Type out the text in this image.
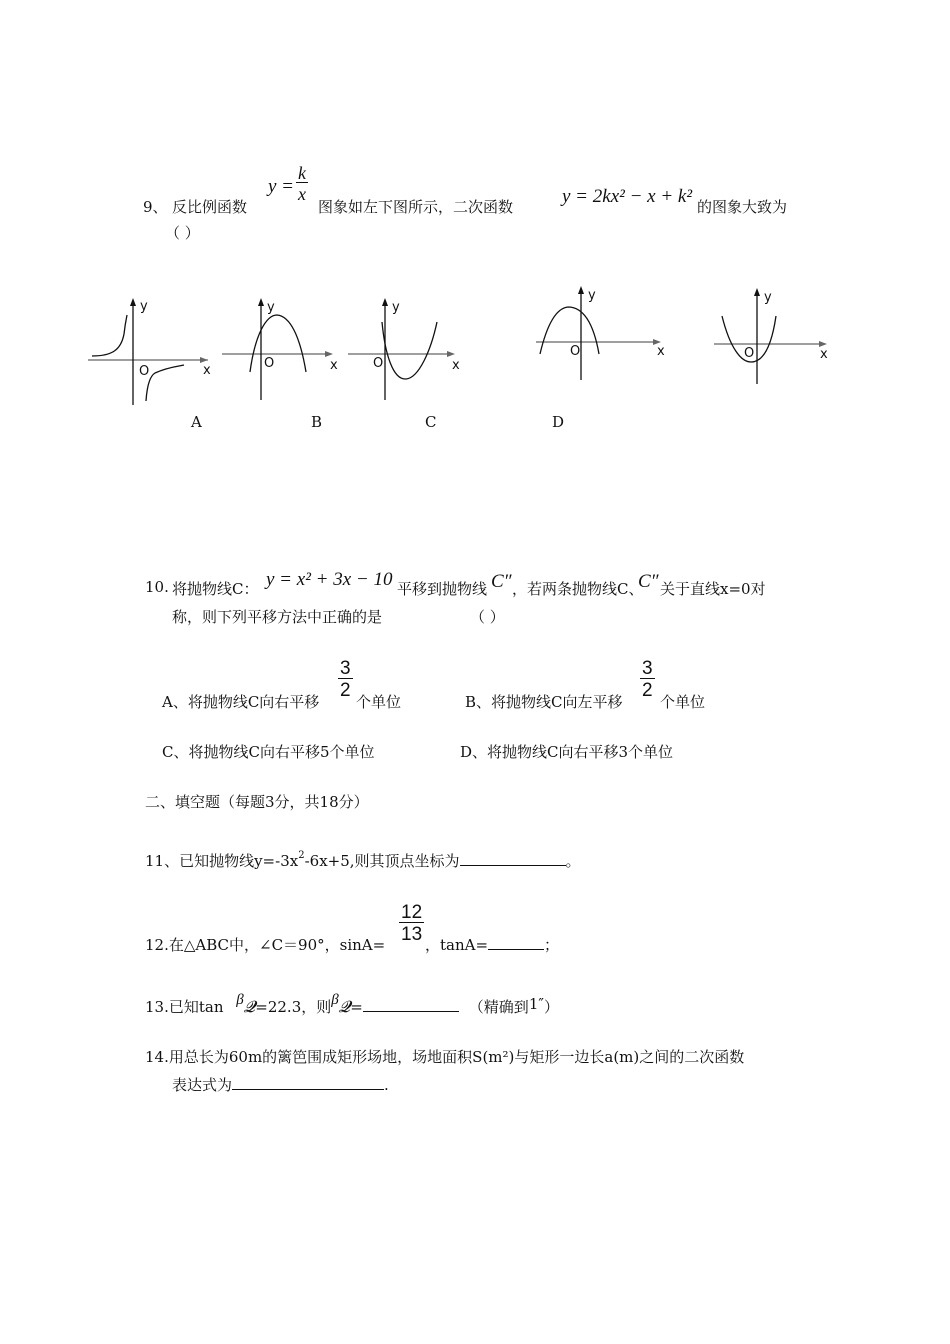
9、 反比例函数
$y = \frac{k}{x}$
图象如左下图所示，二次函数	y = 2kx² − x + k² 的图象大致为
（ ）
y
x
O
y
x
O
y
x
O
y
x
O
y
x
O
A	B	C	D
10. 将抛物线C： y = x² + 3x − 10 平移到抛物线 C″ ，若两条抛物线C、
C″ 关于直线x=0对
称，则下列平移方法中正确的是	（ ）
A、将抛物线C向右平移
$\frac{3}{2}$
个单位	B、将抛物线C向左平移
$\frac{3}{2}$
个单位
C、将抛物线C向右平移5个单位	D、将抛物线C向右平移3个单位
二、填空题（每题3分，共18分）
11、已知抛物线$y=-3x^2-6x+5$,则其顶点坐标为	。
12.在△ABC中，∠C＝90°，sinA=
$\frac{12}{13}$
，tanA=	；
13.已知tan β𝓠=22.3，则β𝓠=	（精确到1″）
14.用总长为60m的篱笆围成矩形场地，场地面积S(m²)与矩形一边长a(m)之间的二次函数
表达式为	.
